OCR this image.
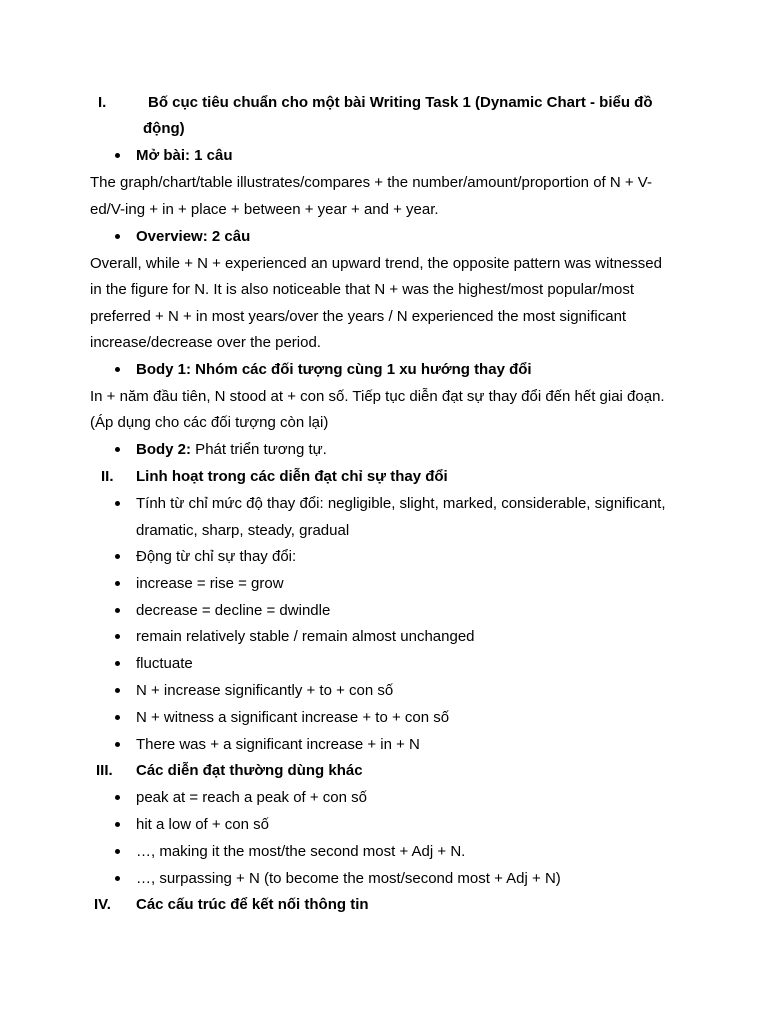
I.	Bố cục tiêu chuẩn cho một bài Writing Task 1 (Dynamic Chart - biểu đồ
động)
Mở bài: 1 câu
The graph/chart/table illustrates/compares + the number/amount/proportion of N + V-
ed/V-ing + in + place + between + year + and + year.
Overview: 2 câu
Overall, while + N + experienced an upward trend, the opposite pattern was witnessed
in the figure for N. It is also noticeable that N + was the highest/most popular/most
preferred + N + in most years/over the years / N experienced the most significant
increase/decrease over the period.
Body 1: Nhóm các đối tượng cùng 1 xu hướng thay đổi
In + năm đầu tiên, N stood at + con số. Tiếp tục diễn đạt sự thay đổi đến hết giai đoạn.
(Áp dụng cho các đối tượng còn lại)
Body 2: Phát triển tương tự.
II. Linh hoạt trong các diễn đạt chỉ sự thay đổi
Tính từ chỉ mức độ thay đổi: negligible, slight, marked, considerable, significant,
dramatic, sharp, steady, gradual
Động từ chỉ sự thay đổi:
increase = rise = grow
decrease = decline = dwindle
remain relatively stable / remain almost unchanged
fluctuate
N + increase significantly + to + con số
N + witness a significant increase + to + con số
There was + a significant increase + in + N
III. Các diễn đạt thường dùng khác
peak at = reach a peak of + con số
hit a low of + con số
…, making it the most/the second most + Adj + N.
…, surpassing + N (to become the most/second most + Adj + N)
IV. Các cấu trúc để kết nối thông tin
